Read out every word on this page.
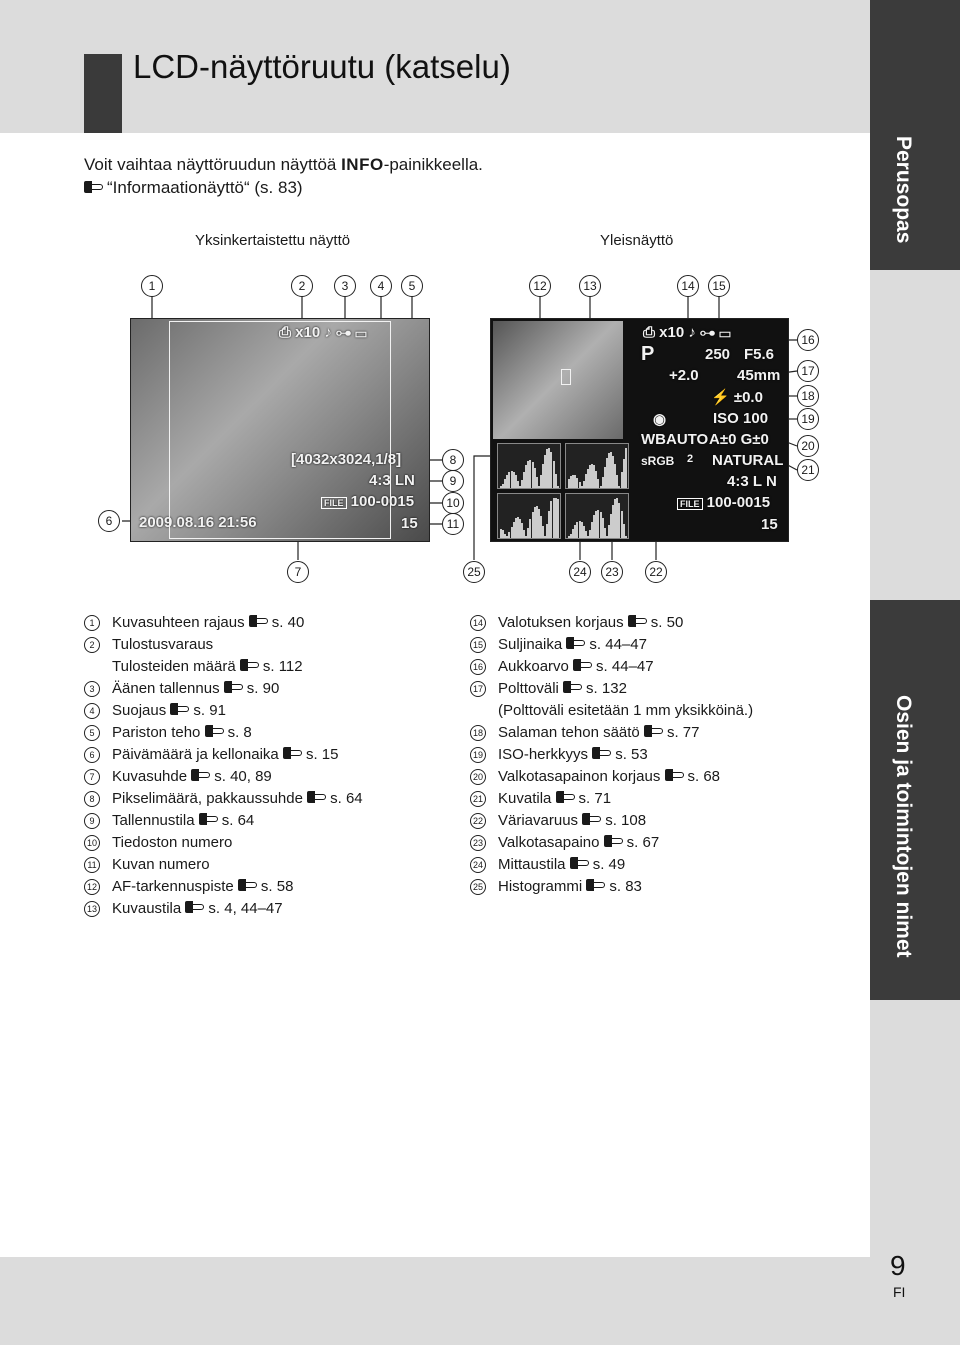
LCD-näyttöruutu (katselu)
Perusopas
Osien ja toimintojen nimet
9
FI
Voit vaihtaa näyttöruudun näyttöä INFO-painikkeella.
“Informaationäyttö“ (s. 83)
Yksinkertaistettu näyttö	Yleisnäyttö
⎙ x10 ♪ ⊶ ▭
[4032x3024,1/8]
4:3 LN
FILE 100-0015
15
2009.08.16 21:56
⎙ x10 ♪ ⊶ ▭
P	250 F5.6
+2.0	45mm
⚡ ±0.0
◉	ISO 100
WBAUTO A±0 G±0
sRGB 2 NATURAL
4:3 L N
FILE 100-0015
15
1	2	3	4	5
6
7
8
9
10
11
12	13	14	15
16
17
18
19
20
21
22
23
24
25
1 Kuvasuhteen rajaus s. 40
2 Tulostusvaraus
Tulosteiden määrä s. 112
3 Äänen tallennus s. 90
4 Suojaus s. 91
5 Pariston teho s. 8
6 Päivämäärä ja kellonaika s. 15
7 Kuvasuhde s. 40, 89
8 Pikselimäärä, pakkaussuhde s. 64
9 Tallennustila s. 64
10 Tiedoston numero
11 Kuvan numero
12 AF-tarkennuspiste s. 58
13 Kuvaustila s. 4, 44–47
14 Valotuksen korjaus s. 50
15 Suljinaika s. 44–47
16 Aukkoarvo s. 44–47
17 Polttoväli s. 132
(Polttoväli esitetään 1 mm yksikköinä.)
18 Salaman tehon säätö s. 77
19 ISO-herkkyys s. 53
20 Valkotasapainon korjaus s. 68
21 Kuvatila s. 71
22 Väriavaruus s. 108
23 Valkotasapaino s. 67
24 Mittaustila s. 49
25 Histogrammi s. 83
